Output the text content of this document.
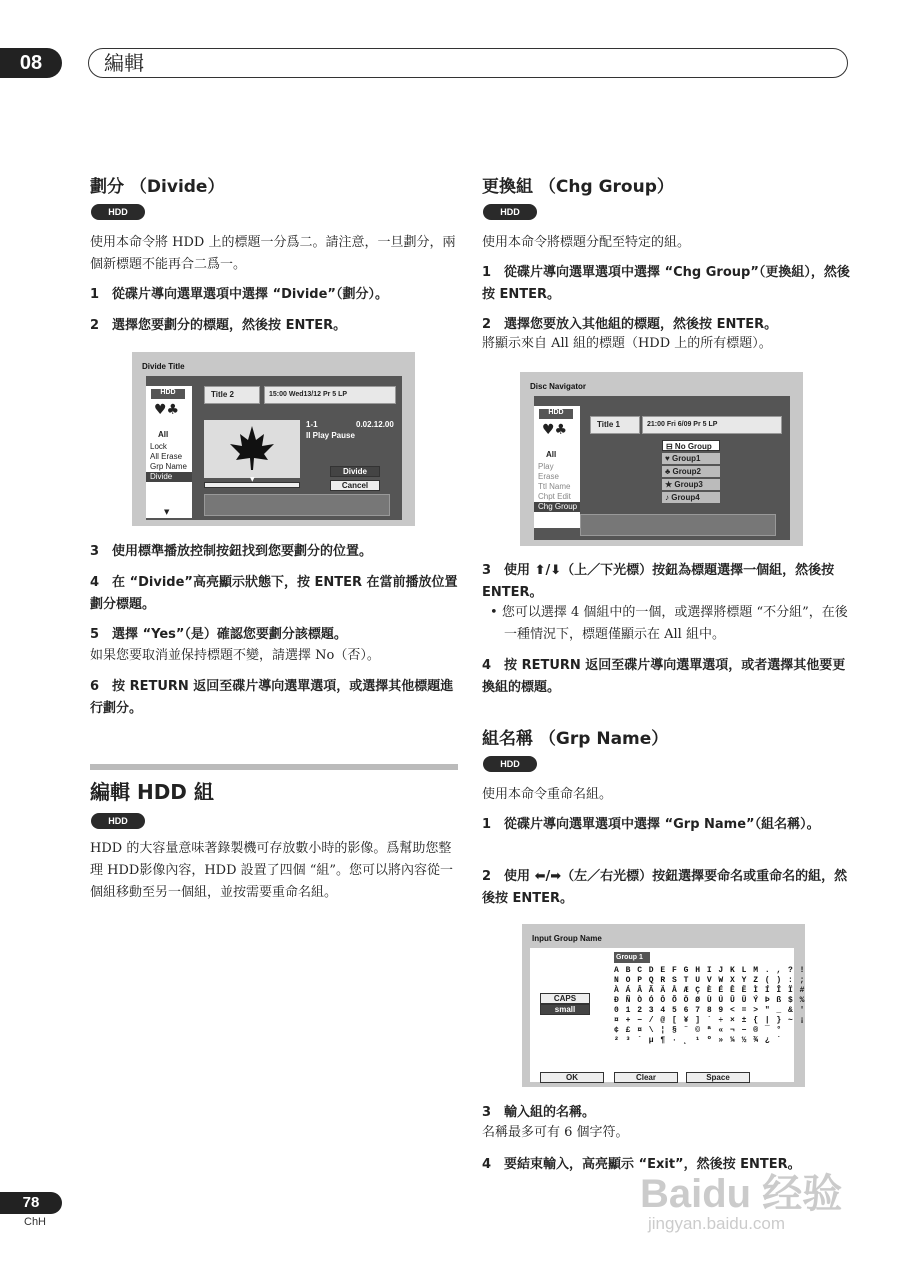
08	編輯
劃分 （Divide）
HDD
使用本命令將 HDD 上的標題一分爲二。請注意，一旦劃分，兩個新標題不能再合二爲一。
1　從碟片導向選單選項中選擇 “Divide”（劃分）。
2　選擇您要劃分的標題，然後按 ENTER。
Divide Title
HDD
♥♣
All
Lock
All Erase
Grp Name
Divide
▼
Title 2	15:00 Wed13/12 Pr 5 LP
▼
1-1	0.02.12.00
II Play Pause
Divide
Cancel
3　使用標準播放控制按鈕找到您要劃分的位置。
4　在 “Divide”高亮顯示狀態下，按 ENTER 在當前播放位置劃分標題。
5　選擇 “Yes”（是）確認您要劃分該標題。
如果您要取消並保持標題不變，請選擇 No（否）。
6　按 RETURN 返回至碟片導向選單選項，或選擇其他標題進行劃分。
編輯 HDD 組
HDD
HDD 的大容量意味著錄製機可存放數小時的影像。爲幫助您整理 HDD影像內容，HDD 設置了四個 “組”。您可以將內容從一個組移動至另一個組，並按需要重命名組。
更換組 （Chg Group）
HDD
使用本命令將標題分配至特定的組。
1　從碟片導向選單選項中選擇 “Chg Group”（更換組），然後按 ENTER。
2　選擇您要放入其他組的標題，然後按 ENTER。
將顯示來自 All 組的標題（HDD 上的所有標題）。
Disc Navigator
HDD
♥♣
All
Play
Erase
Ttl Name
Chpt Edit
Chg Group
Title 1	21:00 Fri 6/09 Pr 5 LP
⊟ No Group
♥ Group1
♣ Group2
★ Group3
♪ Group4
3　使用 ⬆/⬇（上／下光標）按鈕為標題選擇一個組，然後按 ENTER。
• 您可以選擇 4 個組中的一個，或選擇將標題 “不分組”，在後一種情況下，標題僅顯示在 All 組中。
4　按 RETURN 返回至碟片導向選單選項，或者選擇其他要更換組的標題。
組名稱 （Grp Name）
HDD
使用本命令重命名組。
1　從碟片導向選單選項中選擇 “Grp Name”（組名稱）。
2　使用 ⬅/➡（左／右光標）按鈕選擇要命名或重命名的組，然後按 ENTER。
Input Group Name
Group 1
CAPS
small
A B C D E F G H I J K L M . , ? !
N O P Q R S T U V W X Y Z ( ) : ;
À Á Â Ã Ä Å Æ Ç È É Ê Ë Ì Í Î Ï #
Ð Ñ Ò Ó Ô Õ Ö Ø Ù Ú Û Ü Ý Þ ß $ %
0 1 2 3 4 5 6 7 8 9 < = > " _ & '
¤ + − / @ [ ¥ ] ` ÷ × ± { | } ~ ¡
¢ £ ¤ \ ¦ § ¨ © ª « ¬ − ® ¯ °
² ³ ´ µ ¶ · ¸ ¹ º » ¼ ½ ¾ ¿ ˙
OK	Clear	Space
3　輸入組的名稱。
名稱最多可有 6 個字符。
4　要結束輸入，高亮顯示 “Exit”，然後按 ENTER。
78
ChH
Baidu 经验
jingyan.baidu.com
